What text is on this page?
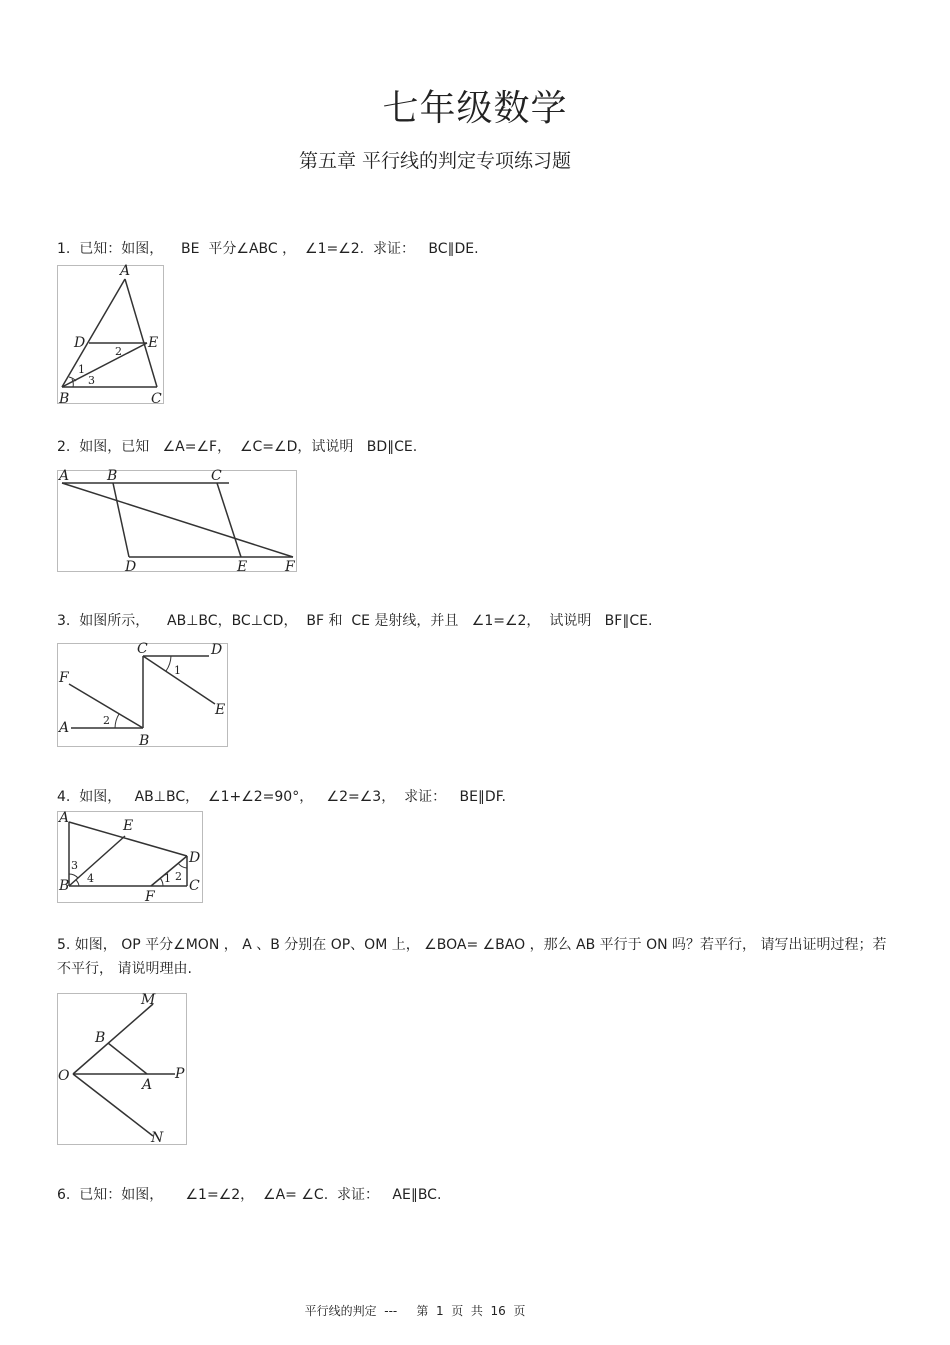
七年级数学
第五章 平行线的判定专项练习题
1.  已知：如图，    BE  平分∠ABC ，  ∠1=∠2.  求证：   BC∥DE.
A
D	E
B	C
2
1
3
2.  如图，已知   ∠A=∠F，  ∠C=∠D，试说明   BD∥CE.
A	B	C
D	E	F
3.  如图所示，    AB⊥BC，BC⊥CD，  BF 和  CE 是射线，并且   ∠1=∠2，  试说明   BF∥CE.
C	D
F
E
A
B
1
2
4.  如图，   AB⊥BC，  ∠1+∠2=90°，   ∠2=∠3，  求证：   BE∥DF.
A	E
D
B	C
F
3
4	1 2
5. 如图， OP 平分∠MON ， A 、B 分别在 OP、OM 上， ∠BOA= ∠BAO ，那么 AB 平行于 ON 吗？若平行， 请写出证明过程；若不平行， 请说明理由.
M
B
O
A
P
N
6.  已知：如图，     ∠1=∠2，  ∠A= ∠C.  求证：   AE∥BC.
平行线的判定  ---     第  1  页  共  16  页
